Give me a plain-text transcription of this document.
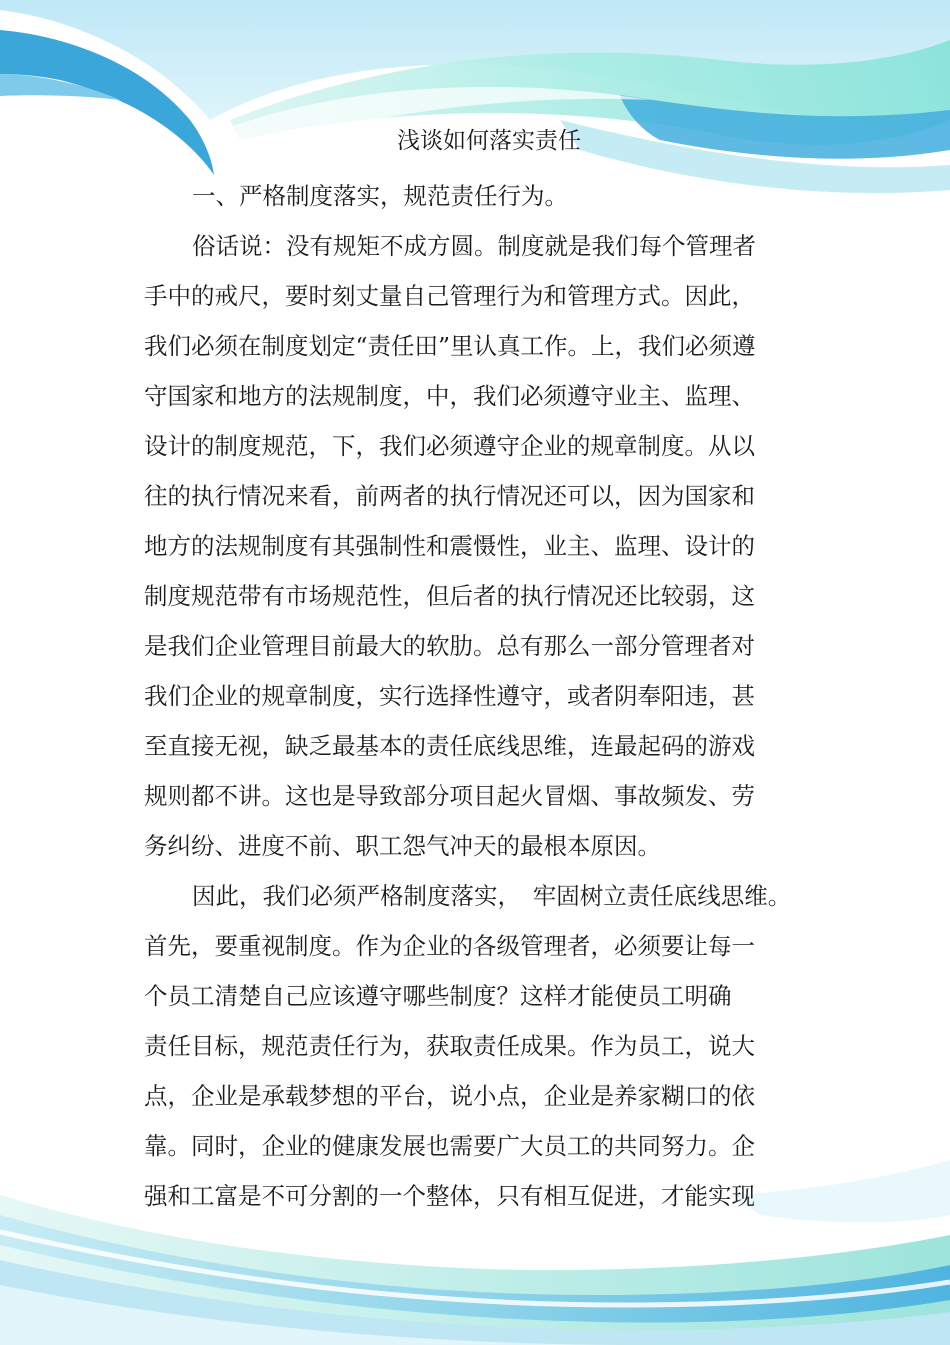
浅谈如何落实责任
一、严格制度落实，规范责任行为。
俗话说：没有规矩不成方圆。制度就是我们每个管理者
手中的戒尺，要时刻丈量自己管理行为和管理方式。因此，
我们必须在制度划定“责任田”里认真工作。上，我们必须遵
守国家和地方的法规制度，中，我们必须遵守业主、监理、
设计的制度规范，下，我们必须遵守企业的规章制度。从以
往的执行情况来看，前两者的执行情况还可以，因为国家和
地方的法规制度有其强制性和震慑性，业主、监理、设计的
制度规范带有市场规范性，但后者的执行情况还比较弱，这
是我们企业管理目前最大的软肋。总有那么一部分管理者对
我们企业的规章制度，实行选择性遵守，或者阴奉阳违，甚
至直接无视，缺乏最基本的责任底线思维，连最起码的游戏
规则都不讲。这也是导致部分项目起火冒烟、事故频发、劳
务纠纷、进度不前、职工怨气冲天的最根本原因。
因此，我们必须严格制度落实，　牢固树立责任底线思维。
首先，要重视制度。作为企业的各级管理者，必须要让每一
个员工清楚自己应该遵守哪些制度？这样才能使员工明确
责任目标，规范责任行为，获取责任成果。作为员工，说大
点，企业是承载梦想的平台，说小点，企业是养家糊口的依
靠。同时，企业的健康发展也需要广大员工的共同努力。企
强和工富是不可分割的一个整体，只有相互促进，才能实现
